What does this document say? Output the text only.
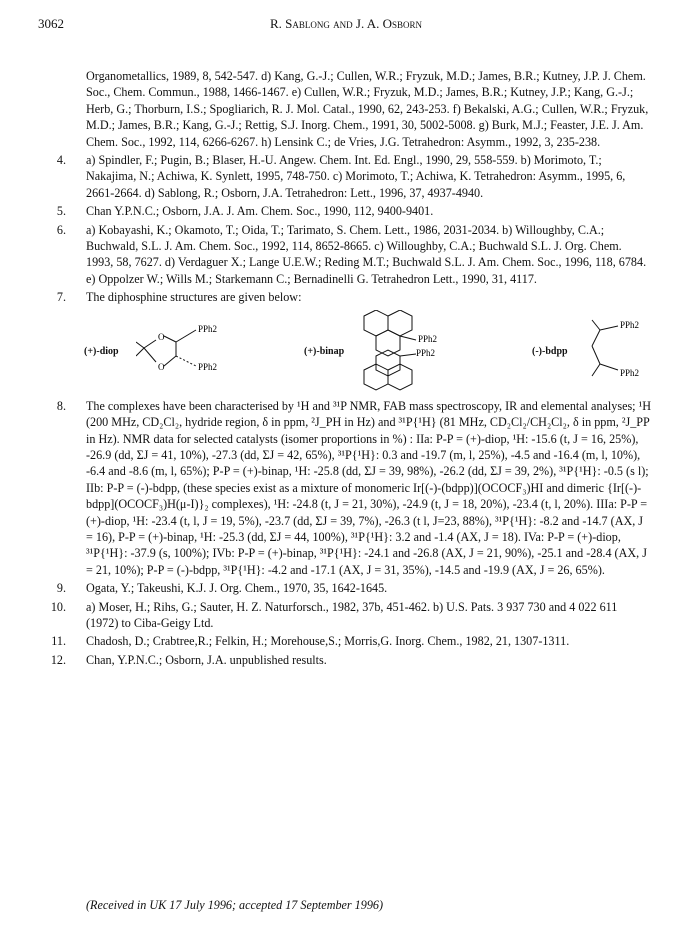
3062	R. Sablong and J. A. Osborn
Organometallics, 1989, 8, 542-547. d) Kang, G.-J.; Cullen, W.R.; Fryzuk, M.D.; James, B.R.; Kutney, J.P. J. Chem. Soc., Chem. Commun., 1988, 1466-1467. e) Cullen, W.R.; Fryzuk, M.D.; James, B.R.; Kutney, J.P.; Kang, G.-J.; Herb, G.; Thorburn, I.S.; Spogliarich, R. J. Mol. Catal., 1990, 62, 243-253. f) Bekalski, A.G.; Cullen, W.R.; Fryzuk, M.D.; James, B.R.; Kang, G.-J.; Rettig, S.J. Inorg. Chem., 1991, 30, 5002-5008. g) Burk, M.J.; Feaster, J.E. J. Am. Chem. Soc., 1992, 114, 6266-6267. h) Lensink C.; de Vries, J.G. Tetrahedron: Asymm., 1992, 3, 235-238.
4. a) Spindler, F.; Pugin, B.; Blaser, H.-U. Angew. Chem. Int. Ed. Engl., 1990, 29, 558-559. b) Morimoto, T.; Nakajima, N.; Achiwa, K. Synlett, 1995, 748-750. c) Morimoto, T.; Achiwa, K. Tetrahedron: Asymm., 1995, 6, 2661-2664. d) Sablong, R.; Osborn, J.A. Tetrahedron: Lett., 1996, 37, 4937-4940.
5. Chan Y.P.N.C.; Osborn, J.A. J. Am. Chem. Soc., 1990, 112, 9400-9401.
6. a) Kobayashi, K.; Okamoto, T.; Oida, T.; Tarimato, S. Chem. Lett., 1986, 2031-2034. b) Willoughby, C.A.; Buchwald, S.L. J. Am. Chem. Soc., 1992, 114, 8652-8665. c) Willoughby, C.A.; Buchwald S.L. J. Org. Chem. 1993, 58, 7627. d) Verdaguer X.; Lange U.E.W.; Reding M.T.; Buchwald S.L. J. Am. Chem. Soc., 1996, 118, 6784. e) Oppolzer W.; Wills M.; Starkemann C.; Bernadinelli G. Tetrahedron Lett., 1990, 31, 4117.
7. The diphosphine structures are given below:
(+)-diop
O
O
PPh2
PPh2
(+)-binap
PPh2
PPh2	(-)-bdpp
PPh2
PPh2
8. The complexes have been characterised by ¹H and ³¹P NMR, FAB mass spectroscopy, IR and elemental analyses; ¹H (200 MHz, CD₂Cl₂, hydride region, δ in ppm, ²J_PH in Hz) and ³¹P{¹H} (81 MHz, CD₂Cl₂/CH₂Cl₂, δ in ppm, ²J_PP in Hz). NMR data for selected catalysts (isomer proportions in %) : IIa: P-P = (+)-diop, ¹H: -15.6 (t, J = 16, 25%), -26.9 (dd, ΣJ = 41, 10%), -27.3 (dd, ΣJ = 42, 65%), ³¹P{¹H}: 0.3 and -19.7 (m, l, 25%), -4.5 and -16.4 (m, l, 10%), -6.4 and -8.6 (m, l, 65%); P-P = (+)-binap, ¹H: -25.8 (dd, ΣJ = 39, 98%), -26.2 (dd, ΣJ = 39, 2%), ³¹P{¹H}: -0.5 (s l); IIb: P-P = (-)-bdpp, (these species exist as a mixture of monomeric Ir[(-)-(bdpp)](OCOCF₃)HI and dimeric {Ir[(-)-bdpp](OCOCF₃)H(μ-I)}₂ complexes), ¹H: -24.8 (t, J = 21, 30%), -24.9 (t, J = 18, 20%), -23.4 (t, l, 20%). IIIa: P-P = (+)-diop, ¹H: -23.4 (t, l, J = 19, 5%), -23.7 (dd, ΣJ = 39, 7%), -26.3 (t l, J=23, 88%), ³¹P{¹H}: -8.2 and -14.7 (AX, J = 16), P-P = (+)-binap, ¹H: -25.3 (dd, ΣJ = 44, 100%), ³¹P{¹H}: 3.2 and -1.4 (AX, J = 18). IVa: P-P = (+)-diop, ³¹P{¹H}: -37.9 (s, 100%); IVb: P-P = (+)-binap, ³¹P{¹H}: -24.1 and -26.8 (AX, J = 21, 90%), -25.1 and -28.4 (AX, J = 21, 10%); P-P = (-)-bdpp, ³¹P{¹H}: -4.2 and -17.1 (AX, J = 31, 35%), -14.5 and -19.9 (AX, J = 26, 65%).
9. Ogata, Y.; Takeushi, K.J. J. Org. Chem., 1970, 35, 1642-1645.
10. a) Moser, H.; Rihs, G.; Sauter, H. Z. Naturforsch., 1982, 37b, 451-462. b) U.S. Pats. 3 937 730 and 4 022 611 (1972) to Ciba-Geigy Ltd.
11. Chadosh, D.; Crabtree,R.; Felkin, H.; Morehouse,S.; Morris,G. Inorg. Chem., 1982, 21, 1307-1311.
12. Chan, Y.P.N.C.; Osborn, J.A. unpublished results.
(Received in UK 17 July 1996; accepted 17 September 1996)
